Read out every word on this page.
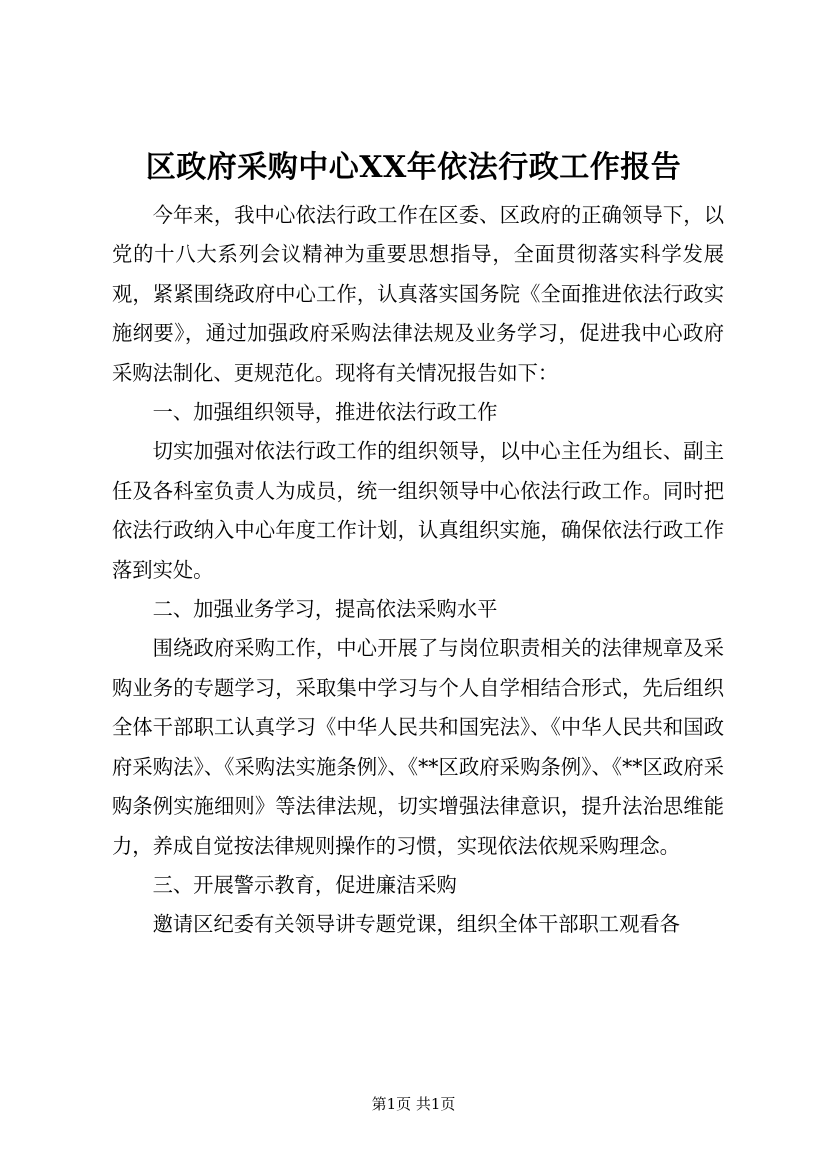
区政府采购中心XX年依法行政工作报告

今年来，我中心依法行政工作在区委、区政府的正确领导下，以党的十八大系列会议精神为重要思想指导，全面贯彻落实科学发展观，紧紧围绕政府中心工作，认真落实国务院《全面推进依法行政实施纲要》，通过加强政府采购法律法规及业务学习，促进我中心政府采购法制化、更规范化。现将有关情况报告如下：

一、加强组织领导，推进依法行政工作

切实加强对依法行政工作的组织领导，以中心主任为组长、副主任及各科室负责人为成员，统一组织领导中心依法行政工作。同时把依法行政纳入中心年度工作计划，认真组织实施，确保依法行政工作落到实处。

二、加强业务学习，提高依法采购水平

围绕政府采购工作，中心开展了与岗位职责相关的法律规章及采购业务的专题学习，采取集中学习与个人自学相结合形式，先后组织全体干部职工认真学习《中华人民共和国宪法》、《中华人民共和国政府采购法》、《采购法实施条例》、《**区政府采购条例》、《**区政府采购条例实施细则》等法律法规，切实增强法律意识，提升法治思维能力，养成自觉按法律规则操作的习惯，实现依法依规采购理念。

三、开展警示教育，促进廉洁采购

邀请区纪委有关领导讲专题党课，组织全体干部职工观看各

第1页 共1页
